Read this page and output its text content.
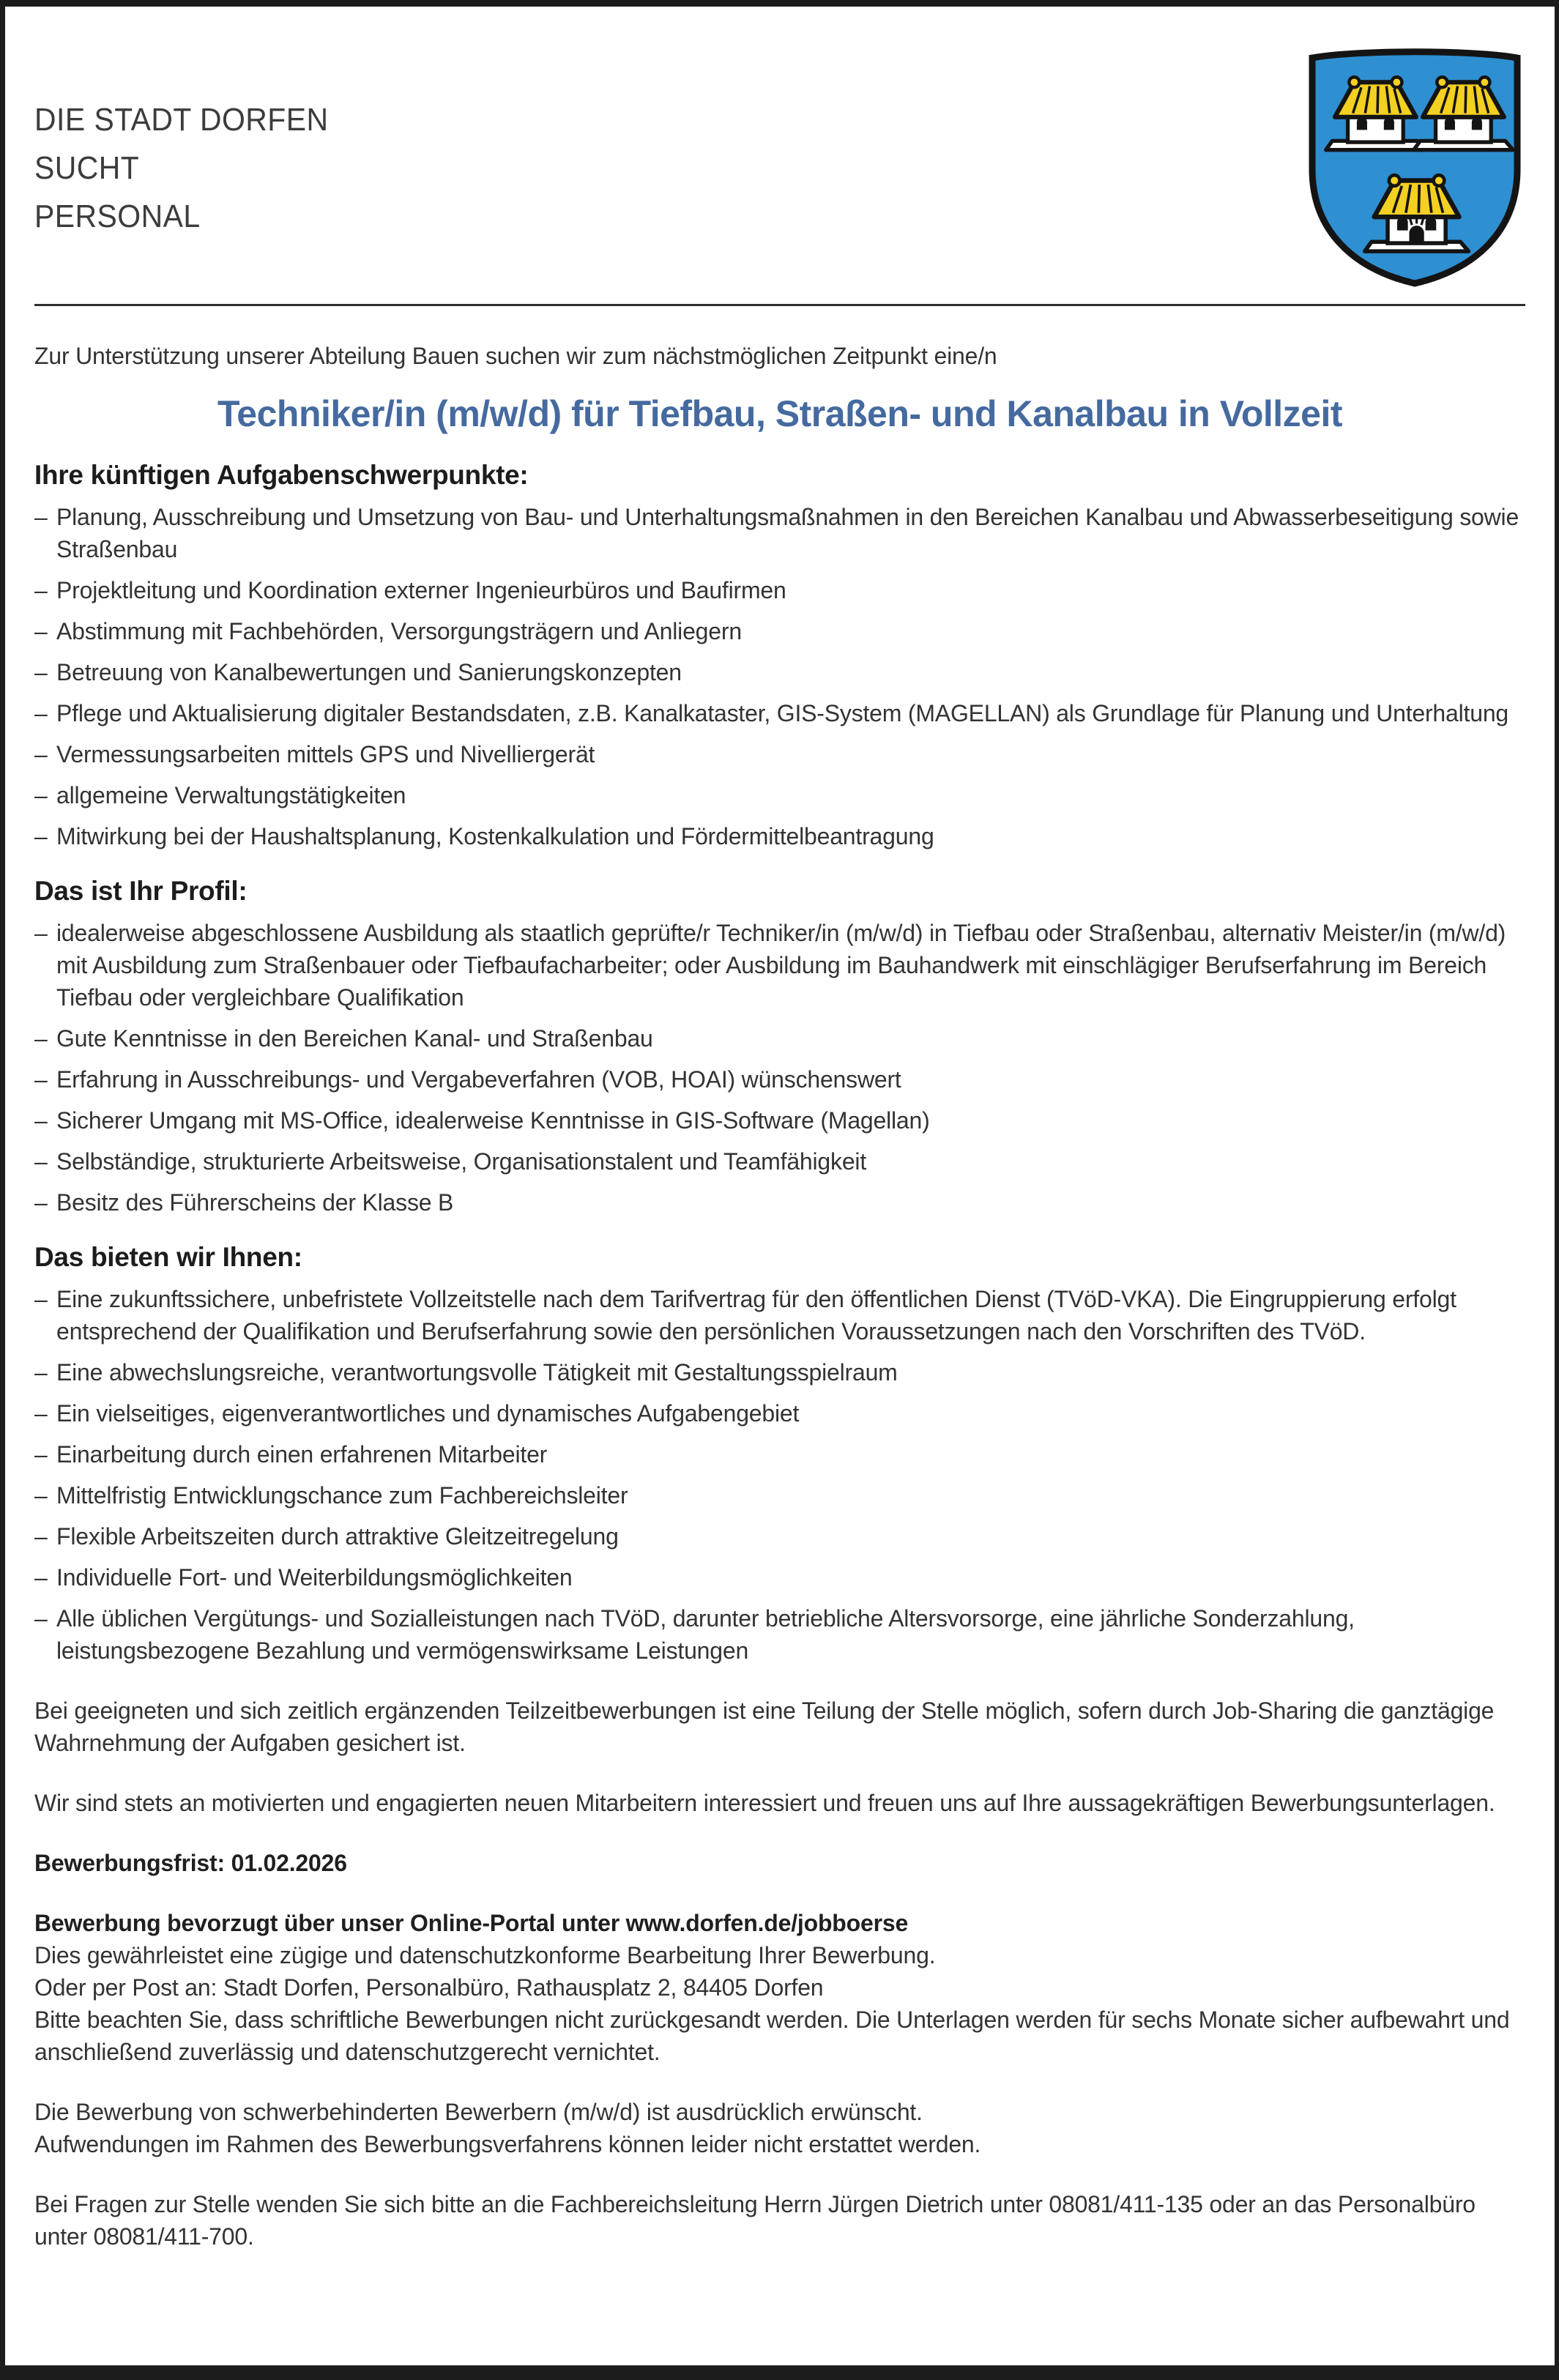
DIE STADT DORFEN
SUCHT
PERSONAL

Zur Unterstützung unserer Abteilung Bauen suchen wir zum nächstmöglichen Zeitpunkt eine/n

Techniker/in (m/w/d) für Tiefbau, Straßen- und Kanalbau in Vollzeit
Ihre künftigen Aufgabenschwerpunkte:
– Planung, Ausschreibung und Umsetzung von Bau- und Unterhaltungsmaßnahmen in den Bereichen Kanalbau und Abwasserbeseitigung sowie Straßenbau
– Projektleitung und Koordination externer Ingenieurbüros und Baufirmen
– Abstimmung mit Fachbehörden, Versorgungsträgern und Anliegern
– Betreuung von Kanalbewertungen und Sanierungskonzepten
– Pflege und Aktualisierung digitaler Bestandsdaten, z.B. Kanalkataster, GIS-System (MAGELLAN) als Grundlage für Planung und Unterhaltung
– Vermessungsarbeiten mittels GPS und Nivelliergerät
– allgemeine Verwaltungstätigkeiten
– Mitwirkung bei der Haushaltsplanung, Kostenkalkulation und Fördermittelbeantragung
Das ist Ihr Profil:
– idealerweise abgeschlossene Ausbildung als staatlich geprüfte/r Techniker/in (m/w/d) in Tiefbau oder Straßenbau, alternativ Meister/in (m/w/d) mit Ausbildung zum Straßenbauer oder Tiefbaufacharbeiter; oder Ausbildung im Bauhandwerk mit einschlägiger Berufserfahrung im Bereich Tiefbau oder vergleichbare Qualifikation
– Gute Kenntnisse in den Bereichen Kanal- und Straßenbau
– Erfahrung in Ausschreibungs- und Vergabeverfahren (VOB, HOAI) wünschenswert
– Sicherer Umgang mit MS-Office, idealerweise Kenntnisse in GIS-Software (Magellan)
– Selbständige, strukturierte Arbeitsweise, Organisationstalent und Teamfähigkeit
– Besitz des Führerscheins der Klasse B
Das bieten wir Ihnen:
– Eine zukunftssichere, unbefristete Vollzeitstelle nach dem Tarifvertrag für den öffentlichen Dienst (TVöD-VKA). Die Eingruppierung erfolgt entsprechend der Qualifikation und Berufserfahrung sowie den persönlichen Voraussetzungen nach den Vorschriften des TVöD.
– Eine abwechslungsreiche, verantwortungsvolle Tätigkeit mit Gestaltungsspielraum
– Ein vielseitiges, eigenverantwortliches und dynamisches Aufgabengebiet
– Einarbeitung durch einen erfahrenen Mitarbeiter
– Mittelfristig Entwicklungschance zum Fachbereichsleiter
– Flexible Arbeitszeiten durch attraktive Gleitzeitregelung
– Individuelle Fort- und Weiterbildungsmöglichkeiten
– Alle üblichen Vergütungs- und Sozialleistungen nach TVöD, darunter betriebliche Altersvorsorge, eine jährliche Sonderzahlung, leistungsbezogene Bezahlung und vermögenswirksame Leistungen

Bei geeigneten und sich zeitlich ergänzenden Teilzeitbewerbungen ist eine Teilung der Stelle möglich, sofern durch Job-Sharing die ganztägige Wahrnehmung der Aufgaben gesichert ist.

Wir sind stets an motivierten und engagierten neuen Mitarbeitern interessiert und freuen uns auf Ihre aussagekräftigen Bewerbungsunterlagen.

Bewerbungsfrist: 01.02.2026

Bewerbung bevorzugt über unser Online-Portal unter www.dorfen.de/jobboerse

Dies gewährleistet eine zügige und datenschutzkonforme Bearbeitung Ihrer Bewerbung.

Oder per Post an: Stadt Dorfen, Personalbüro, Rathausplatz 2, 84405 Dorfen

Bitte beachten Sie, dass schriftliche Bewerbungen nicht zurückgesandt werden. Die Unterlagen werden für sechs Monate sicher aufbewahrt und anschließend zuverlässig und datenschutzgerecht vernichtet.

Die Bewerbung von schwerbehinderten Bewerbern (m/w/d) ist ausdrücklich erwünscht.

Aufwendungen im Rahmen des Bewerbungsverfahrens können leider nicht erstattet werden.

Bei Fragen zur Stelle wenden Sie sich bitte an die Fachbereichsleitung Herrn Jürgen Dietrich unter 08081/411-135 oder an das Personalbüro unter 08081/411-700.
